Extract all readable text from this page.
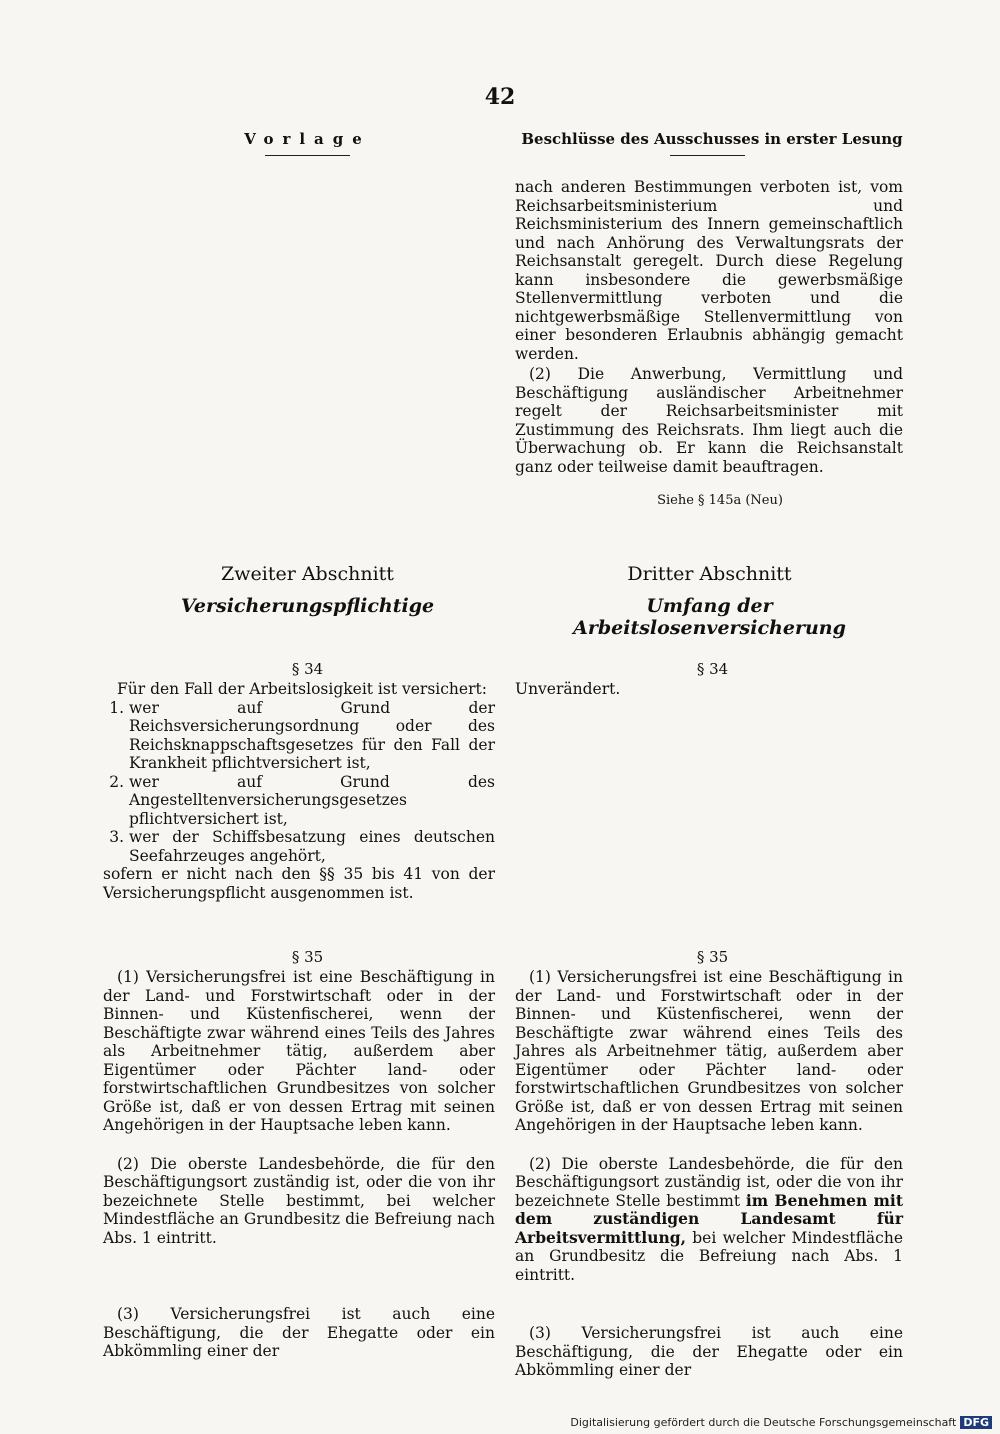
42
Vorlage	Beschlüsse des Ausschusses in erster Lesung

nach anderen Bestimmungen verboten ist, vom Reichsarbeitsministerium und Reichsministerium des Innern gemeinschaftlich und nach Anhörung des Verwaltungsrats der Reichsanstalt geregelt. Durch diese Regelung kann insbesondere die gewerbsmäßige Stellenvermittlung verboten und die nichtgewerbsmäßige Stellenvermittlung von einer besonderen Erlaubnis abhängig gemacht werden.

(2) Die Anwerbung, Vermittlung und Beschäftigung ausländischer Arbeitnehmer regelt der Reichsarbeitsminister mit Zustimmung des Reichsrats. Ihm liegt auch die Überwachung ob. Er kann die Reichsanstalt ganz oder teilweise damit beauftragen.

Siehe § 145a (Neu)
Zweiter Abschnitt
Versicherungspflichtige
Dritter Abschnitt
Umfang der Arbeitslosenversicherung
§ 34

Für den Fall der Arbeitslosigkeit ist versichert:

1. wer auf Grund der Reichsversicherungsordnung oder des Reichsknappschaftsgesetzes für den Fall der Krankheit pflichtversichert ist,
2. wer auf Grund des Angestelltenversicherungsgesetzes pflichtversichert ist,
3. wer der Schiffsbesatzung eines deutschen Seefahrzeuges angehört,

sofern er nicht nach den §§ 35 bis 41 von der Versicherungspflicht ausgenommen ist.

§ 34
Unverändert.
§ 35

(1) Versicherungsfrei ist eine Beschäftigung in der Land- und Forstwirtschaft oder in der Binnen- und Küstenfischerei, wenn der Beschäftigte zwar während eines Teils des Jahres als Arbeitnehmer tätig, außerdem aber Eigentümer oder Pächter land- oder forstwirtschaftlichen Grundbesitzes von solcher Größe ist, daß er von dessen Ertrag mit seinen Angehörigen in der Hauptsache leben kann.

(2) Die oberste Landesbehörde, die für den Beschäftigungsort zuständig ist, oder die von ihr bezeichnete Stelle bestimmt, bei welcher Mindestfläche an Grundbesitz die Befreiung nach Abs. 1 eintritt.

(3) Versicherungsfrei ist auch eine Beschäftigung, die der Ehegatte oder ein Abkömmling einer der

§ 35

(1) Versicherungsfrei ist eine Beschäftigung in der Land- und Forstwirtschaft oder in der Binnen- und Küstenfischerei, wenn der Beschäftigte zwar während eines Teils des Jahres als Arbeitnehmer tätig, außerdem aber Eigentümer oder Pächter land- oder forstwirtschaftlichen Grundbesitzes von solcher Größe ist, daß er von dessen Ertrag mit seinen Angehörigen in der Hauptsache leben kann.

(2) Die oberste Landesbehörde, die für den Beschäftigungsort zuständig ist, oder die von ihr bezeichnete Stelle bestimmt im Benehmen mit dem zuständigen Landesamt für Arbeitsvermittlung, bei welcher Mindestfläche an Grundbesitz die Befreiung nach Abs. 1 eintritt.

(3) Versicherungsfrei ist auch eine Beschäftigung, die der Ehegatte oder ein Abkömmling einer der

Digitalisierung gefördert durch die Deutsche Forschungsgemeinschaft DFG
